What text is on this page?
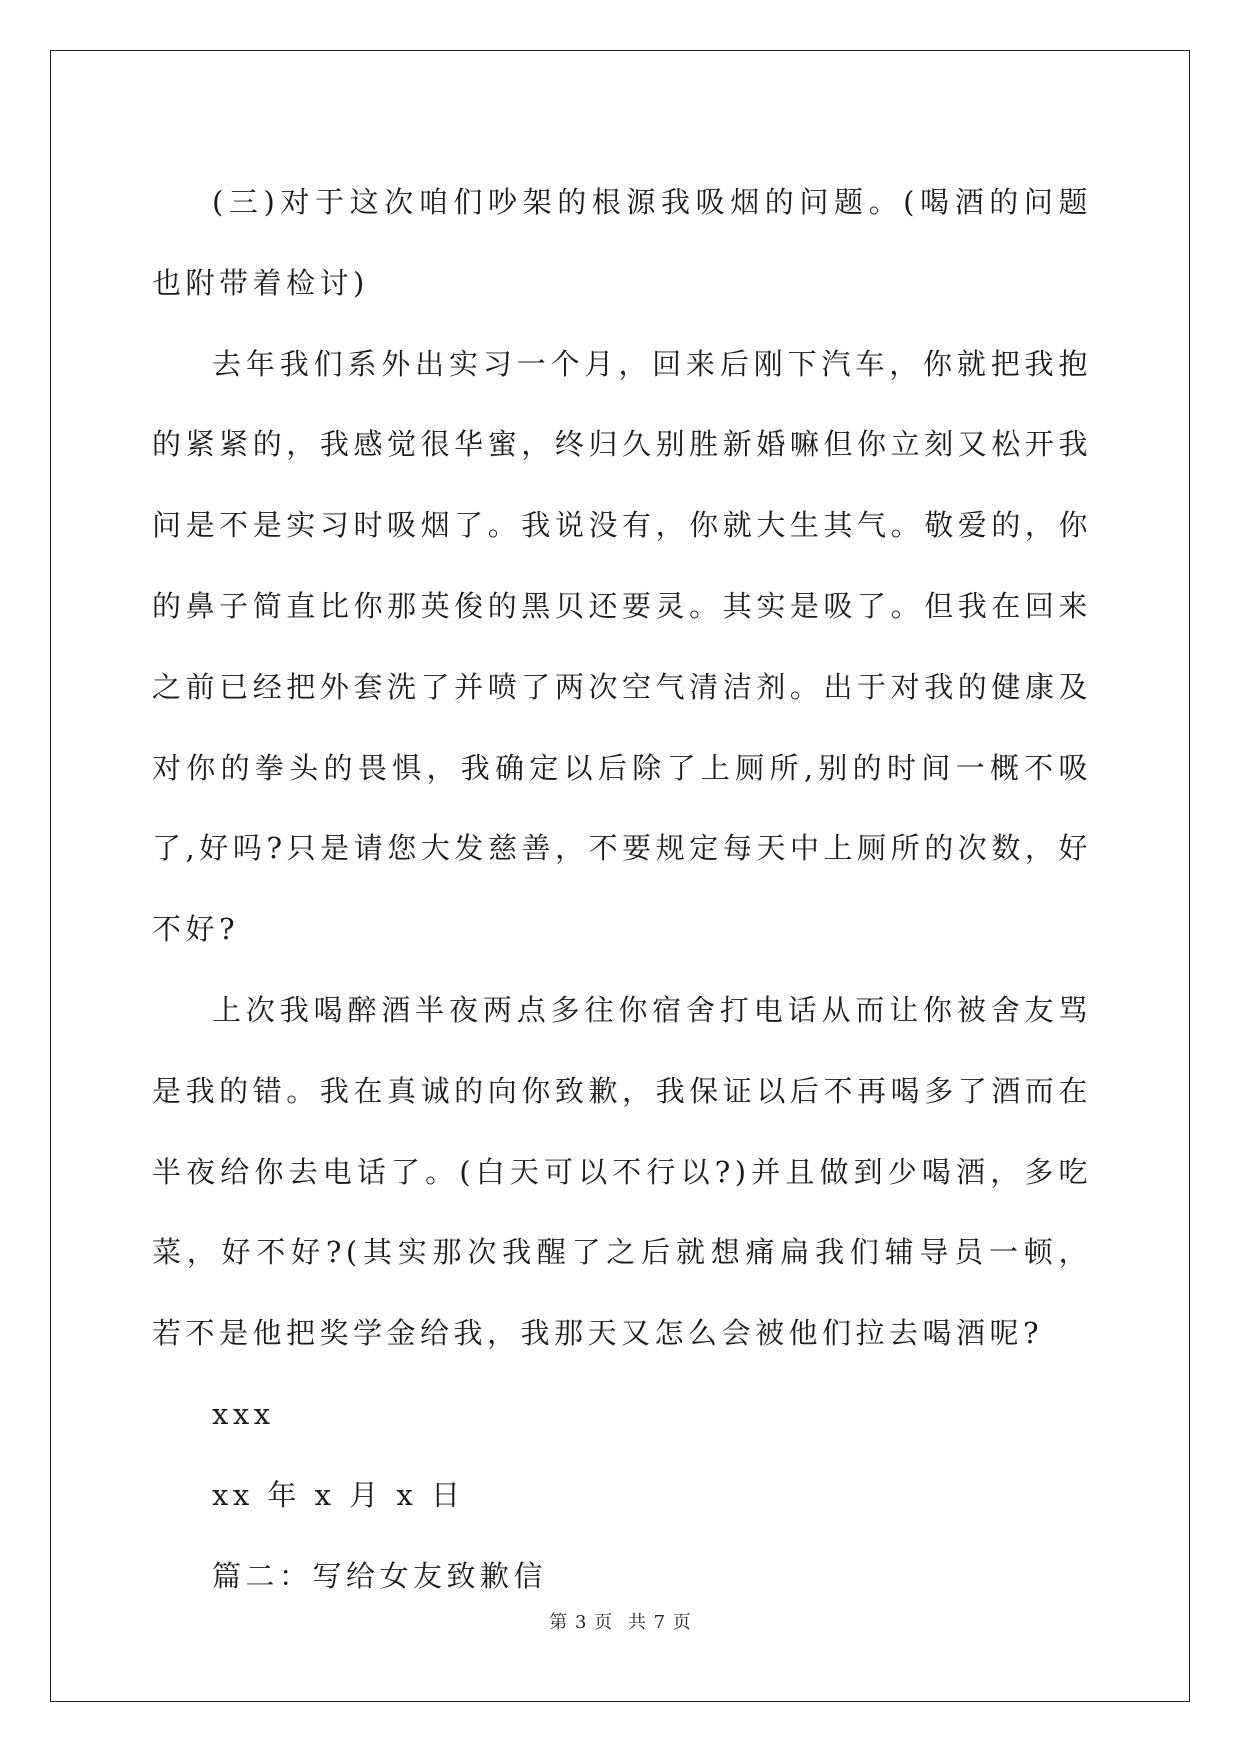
(三)对于这次咱们吵架的根源我吸烟的问题。(喝酒的问题也附带着检讨)

去年我们系外出实习一个月，回来后刚下汽车，你就把我抱的紧紧的，我感觉很华蜜，终归久别胜新婚嘛但你立刻又松开我问是不是实习时吸烟了。我说没有，你就大生其气。敬爱的，你的鼻子简直比你那英俊的黑贝还要灵。其实是吸了。但我在回来之前已经把外套洗了并喷了两次空气清洁剂。出于对我的健康及对你的拳头的畏惧，我确定以后除了上厕所,别的时间一概不吸了,好吗?只是请您大发慈善，不要规定每天中上厕所的次数，好不好?

上次我喝醉酒半夜两点多往你宿舍打电话从而让你被舍友骂是我的错。我在真诚的向你致歉，我保证以后不再喝多了酒而在半夜给你去电话了。(白天可以不行以?)并且做到少喝酒，多吃菜，好不好?(其实那次我醒了之后就想痛扁我们辅导员一顿，若不是他把奖学金给我，我那天又怎么会被他们拉去喝酒呢?

xxx
xx 年 x 月 x 日
篇二：写给女友致歉信
第 3 页 共 7 页
